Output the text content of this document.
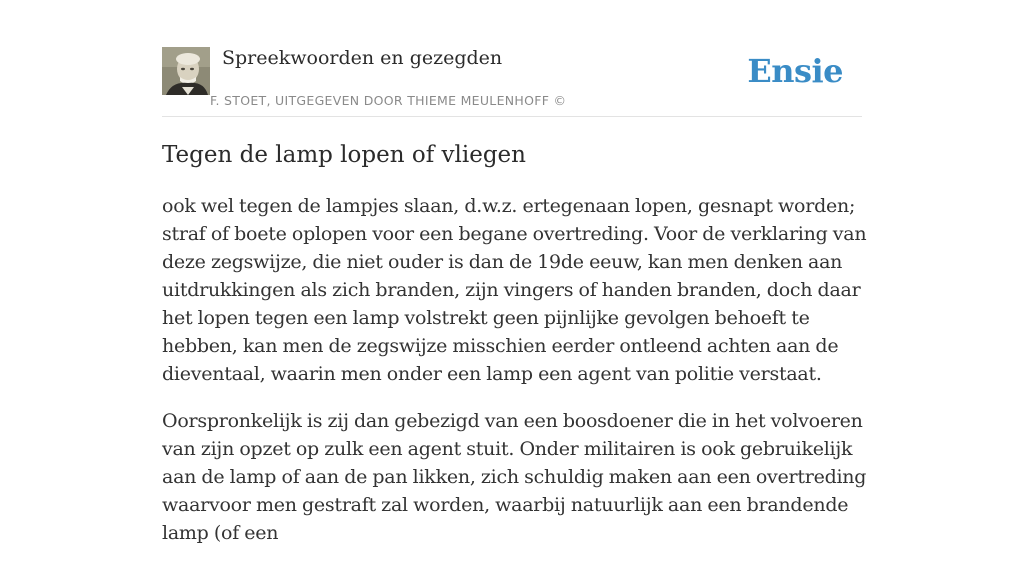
Spreekwoorden en gezegden
F. STOET, UITGEGEVEN DOOR THIEME MEULENHOFF ©
Ensie
Tegen de lamp lopen of vliegen

ook wel tegen de lampjes slaan, d.w.z. ertegenaan lopen, gesnapt worden; straf of boete oplopen voor een begane overtreding. Voor de verklaring van deze zegswijze, die niet ouder is dan de 19de eeuw, kan men denken aan uitdrukkingen als zich branden, zijn vingers of handen branden, doch daar het lopen tegen een lamp volstrekt geen pijnlijke gevolgen behoeft te hebben, kan men de zegswijze misschien eerder ontleend achten aan de dieventaal, waarin men onder een lamp een agent van politie verstaat.

Oorspronkelijk is zij dan gebezigd van een boosdoener die in het volvoeren van zijn opzet op zulk een agent stuit. Onder militairen is ook gebruikelijk aan de lamp of aan de pan likken, zich schuldig maken aan een overtreding waarvoor men gestraft zal worden, waarbij natuurlijk aan een brandende lamp (of een
